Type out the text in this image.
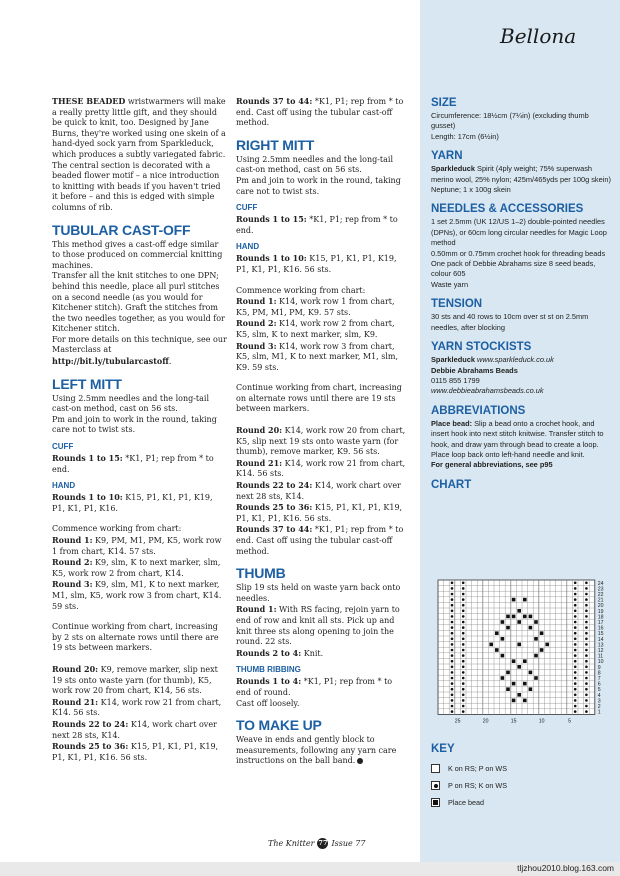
Bellona

THESE BEADED wristwarmers will make a really pretty little gift, and they should be quick to knit, too. Designed by Jane Burns, they're worked using one skein of a hand-dyed sock yarn from Sparkleduck, which produces a subtly variegated fabric. The central section is decorated with a beaded flower motif – a nice introduction to knitting with beads if you haven't tried it before – and this is edged with simple columns of rib.

TUBULAR CAST-OFF

This method gives a cast-off edge similar to those produced on commercial knitting machines.

Transfer all the knit stitches to one DPN; behind this needle, place all purl stitches on a second needle (as you would for Kitchener stitch). Graft the stitches from the two needles together, as you would for Kitchener stitch.

For more details on this technique, see our Masterclass at http://bit.ly/tubularcastoff.

LEFT MITT

Using 2.5mm needles and the long-tail cast-on method, cast on 56 sts.

Pm and join to work in the round, taking care not to twist sts.

CUFF

Rounds 1 to 15: *K1, P1; rep from * to end.

HAND

Rounds 1 to 10: K15, P1, K1, P1, K19, P1, K1, P1, K16.

Commence working from chart:

Round 1: K9, PM, M1, PM, K5, work row 1 from chart, K14. 57 sts.

Round 2: K9, slm, K to next marker, slm, K5, work row 2 from chart, K14.

Round 3: K9, slm, M1, K to next marker, M1, slm, K5, work row 3 from chart, K14. 59 sts.

Continue working from chart, increasing by 2 sts on alternate rows until there are 19 sts between markers.

Round 20: K9, remove marker, slip next 19 sts onto waste yarn (for thumb), K5, work row 20 from chart, K14, 56 sts.

Round 21: K14, work row 21 from chart, K14. 56 sts.

Rounds 22 to 24: K14, work chart over next 28 sts, K14.

Rounds 25 to 36: K15, P1, K1, P1, K19, P1, K1, P1, K16. 56 sts.

Rounds 37 to 44: *K1, P1; rep from * to end. Cast off using the tubular cast-off method.

RIGHT MITT

Using 2.5mm needles and the long-tail cast-on method, cast on 56 sts.

Pm and join to work in the round, taking care not to twist sts.

CUFF

Rounds 1 to 15: *K1, P1; rep from * to end.

HAND

Rounds 1 to 10: K15, P1, K1, P1, K19, P1, K1, P1, K16. 56 sts.

Commence working from chart:

Round 1: K14, work row 1 from chart, K5, PM, M1, PM, K9. 57 sts.

Round 2: K14, work row 2 from chart, K5, slm, K to next marker, slm, K9.

Round 3: K14, work row 3 from chart, K5, slm, M1, K to next marker, M1, slm, K9. 59 sts.

Continue working from chart, increasing on alternate rows until there are 19 sts between markers.

Round 20: K14, work row 20 from chart, K5, slip next 19 sts onto waste yarn (for thumb), remove marker, K9. 56 sts.

Round 21: K14, work row 21 from chart, K14. 56 sts.

Rounds 22 to 24: K14, work chart over next 28 sts, K14.

Rounds 25 to 36: K15, P1, K1, P1, K19, P1, K1, P1, K16. 56 sts.

Rounds 37 to 44: *K1, P1; rep from * to end. Cast off using the tubular cast-off method.

THUMB

Slip 19 sts held on waste yarn back onto needles.

Round 1: With RS facing, rejoin yarn to end of row and knit all sts. Pick up and knit three sts along opening to join the round. 22 sts.

Rounds 2 to 4: Knit.

THUMB RIBBING

Rounds 1 to 4: *K1, P1; rep from * to end of round.

Cast off loosely.

TO MAKE UP

Weave in ends and gently block to measurements, following any yarn care instructions on the ball band.

SIZE

Circumference: 18½cm (7¼in) (excluding thumb gusset)

Length: 17cm (6½in)

YARN

Sparkleduck Spirit (4ply weight; 75% superwash merino wool, 25% nylon; 425m/465yds per 100g skein)

Neptune; 1 x 100g skein

NEEDLES & ACCESSORIES

1 set 2.5mm (UK 12/US 1–2) double-pointed needles (DPNs), or 60cm long circular needles for Magic Loop method

0.50mm or 0.75mm crochet hook for threading beads

One pack of Debbie Abrahams size 8 seed beads, colour 605

Waste yarn

TENSION

30 sts and 40 rows to 10cm over st st on 2.5mm needles, after blocking

YARN STOCKISTS

Sparkleduck www.sparkleduck.co.uk

Debbie Abrahams Beads

0115 855 1799

www.debbieabrahamsbeads.co.uk

ABBREVIATIONS

Place bead: Slip a bead onto a crochet hook, and insert hook into next stitch knitwise. Transfer stitch to hook, and draw yarn through bead to create a loop. Place loop back onto left-hand needle and knit.

For general abbreviations, see p95

CHART
24
23
22
21
20
19
18
17
16
15
14
13
12
11
10
9
8
7
6
5
4
3
2
1
25	20	15	10	5
KEY
K on RS; P on WS
P on RS; K on WS
Place bead
The Knitter 77 Issue 77
tljzhou2010.blog.163.com
